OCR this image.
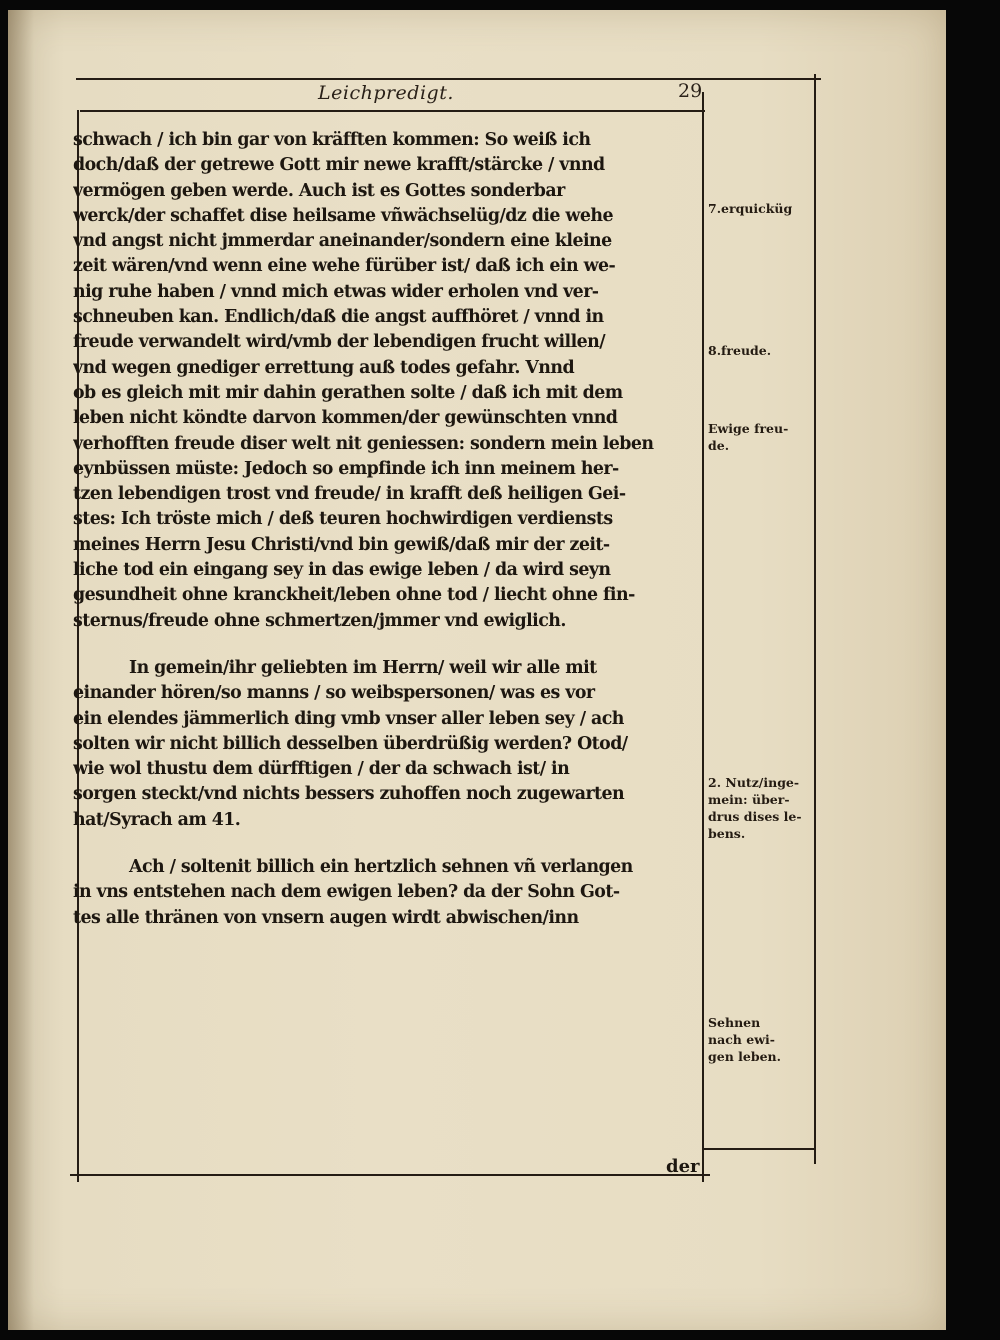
Leichpredigt.	29
schwach / ich bin gar von kräfften kommen: So weiß ich
doch/daß der getrewe Gott mir newe krafft/stärcke / vnnd
vermögen geben werde. Auch ist es Gottes sonderbar
werck/der schaffet dise heilsame vñwächselüg/dz die wehe
vnd angst nicht jmmerdar aneinander/sondern eine kleine
zeit wären/vnd wenn eine wehe fürüber ist/ daß ich ein we-
nig ruhe haben / vnnd mich etwas wider erholen vnd ver-
schneuben kan. Endlich/daß die angst auffhöret / vnnd in
freude verwandelt wird/vmb der lebendigen frucht willen/
vnd wegen gnediger errettung auß todes gefahr. Vnnd
ob es gleich mit mir dahin gerathen solte / daß ich mit dem
leben nicht köndte darvon kommen/der gewünschten vnnd
verhofften freude diser welt nit geniessen: sondern mein leben
eynbüssen müste: Jedoch so empfinde ich inn meinem her-
tzen lebendigen trost vnd freude/ in krafft deß heiligen Gei-
stes: Ich tröste mich / deß teuren hochwirdigen verdiensts
meines Herrn Jesu Christi/vnd bin gewiß/daß mir der zeit-
liche tod ein eingang sey in das ewige leben / da wird seyn
gesundheit ohne kranckheit/leben ohne tod / liecht ohne fin-
sternus/freude ohne schmertzen/jmmer vnd ewiglich.
In gemein/ihr geliebten im Herrn/ weil wir alle mit
einander hören/so manns / so weibspersonen/ was es vor
ein elendes jämmerlich ding vmb vnser aller leben sey / ach
solten wir nicht billich desselben überdrüßig werden? Otod/
wie wol thustu dem dürfftigen / der da schwach ist/ in
sorgen steckt/vnd nichts bessers zuhoffen noch zugewarten
hat/Syrach am 41.
Ach / soltenit billich ein hertzlich sehnen vñ verlangen
in vns entstehen nach dem ewigen leben? da der Sohn Got-
tes alle thränen von vnsern augen wirdt abwischen/inn
7.erquicküg
8.freude.
Ewige freu-
de.
2. Nutz/inge-
mein: über-
drus dises le-
bens.
Sehnen
nach ewi-
gen leben.
der
